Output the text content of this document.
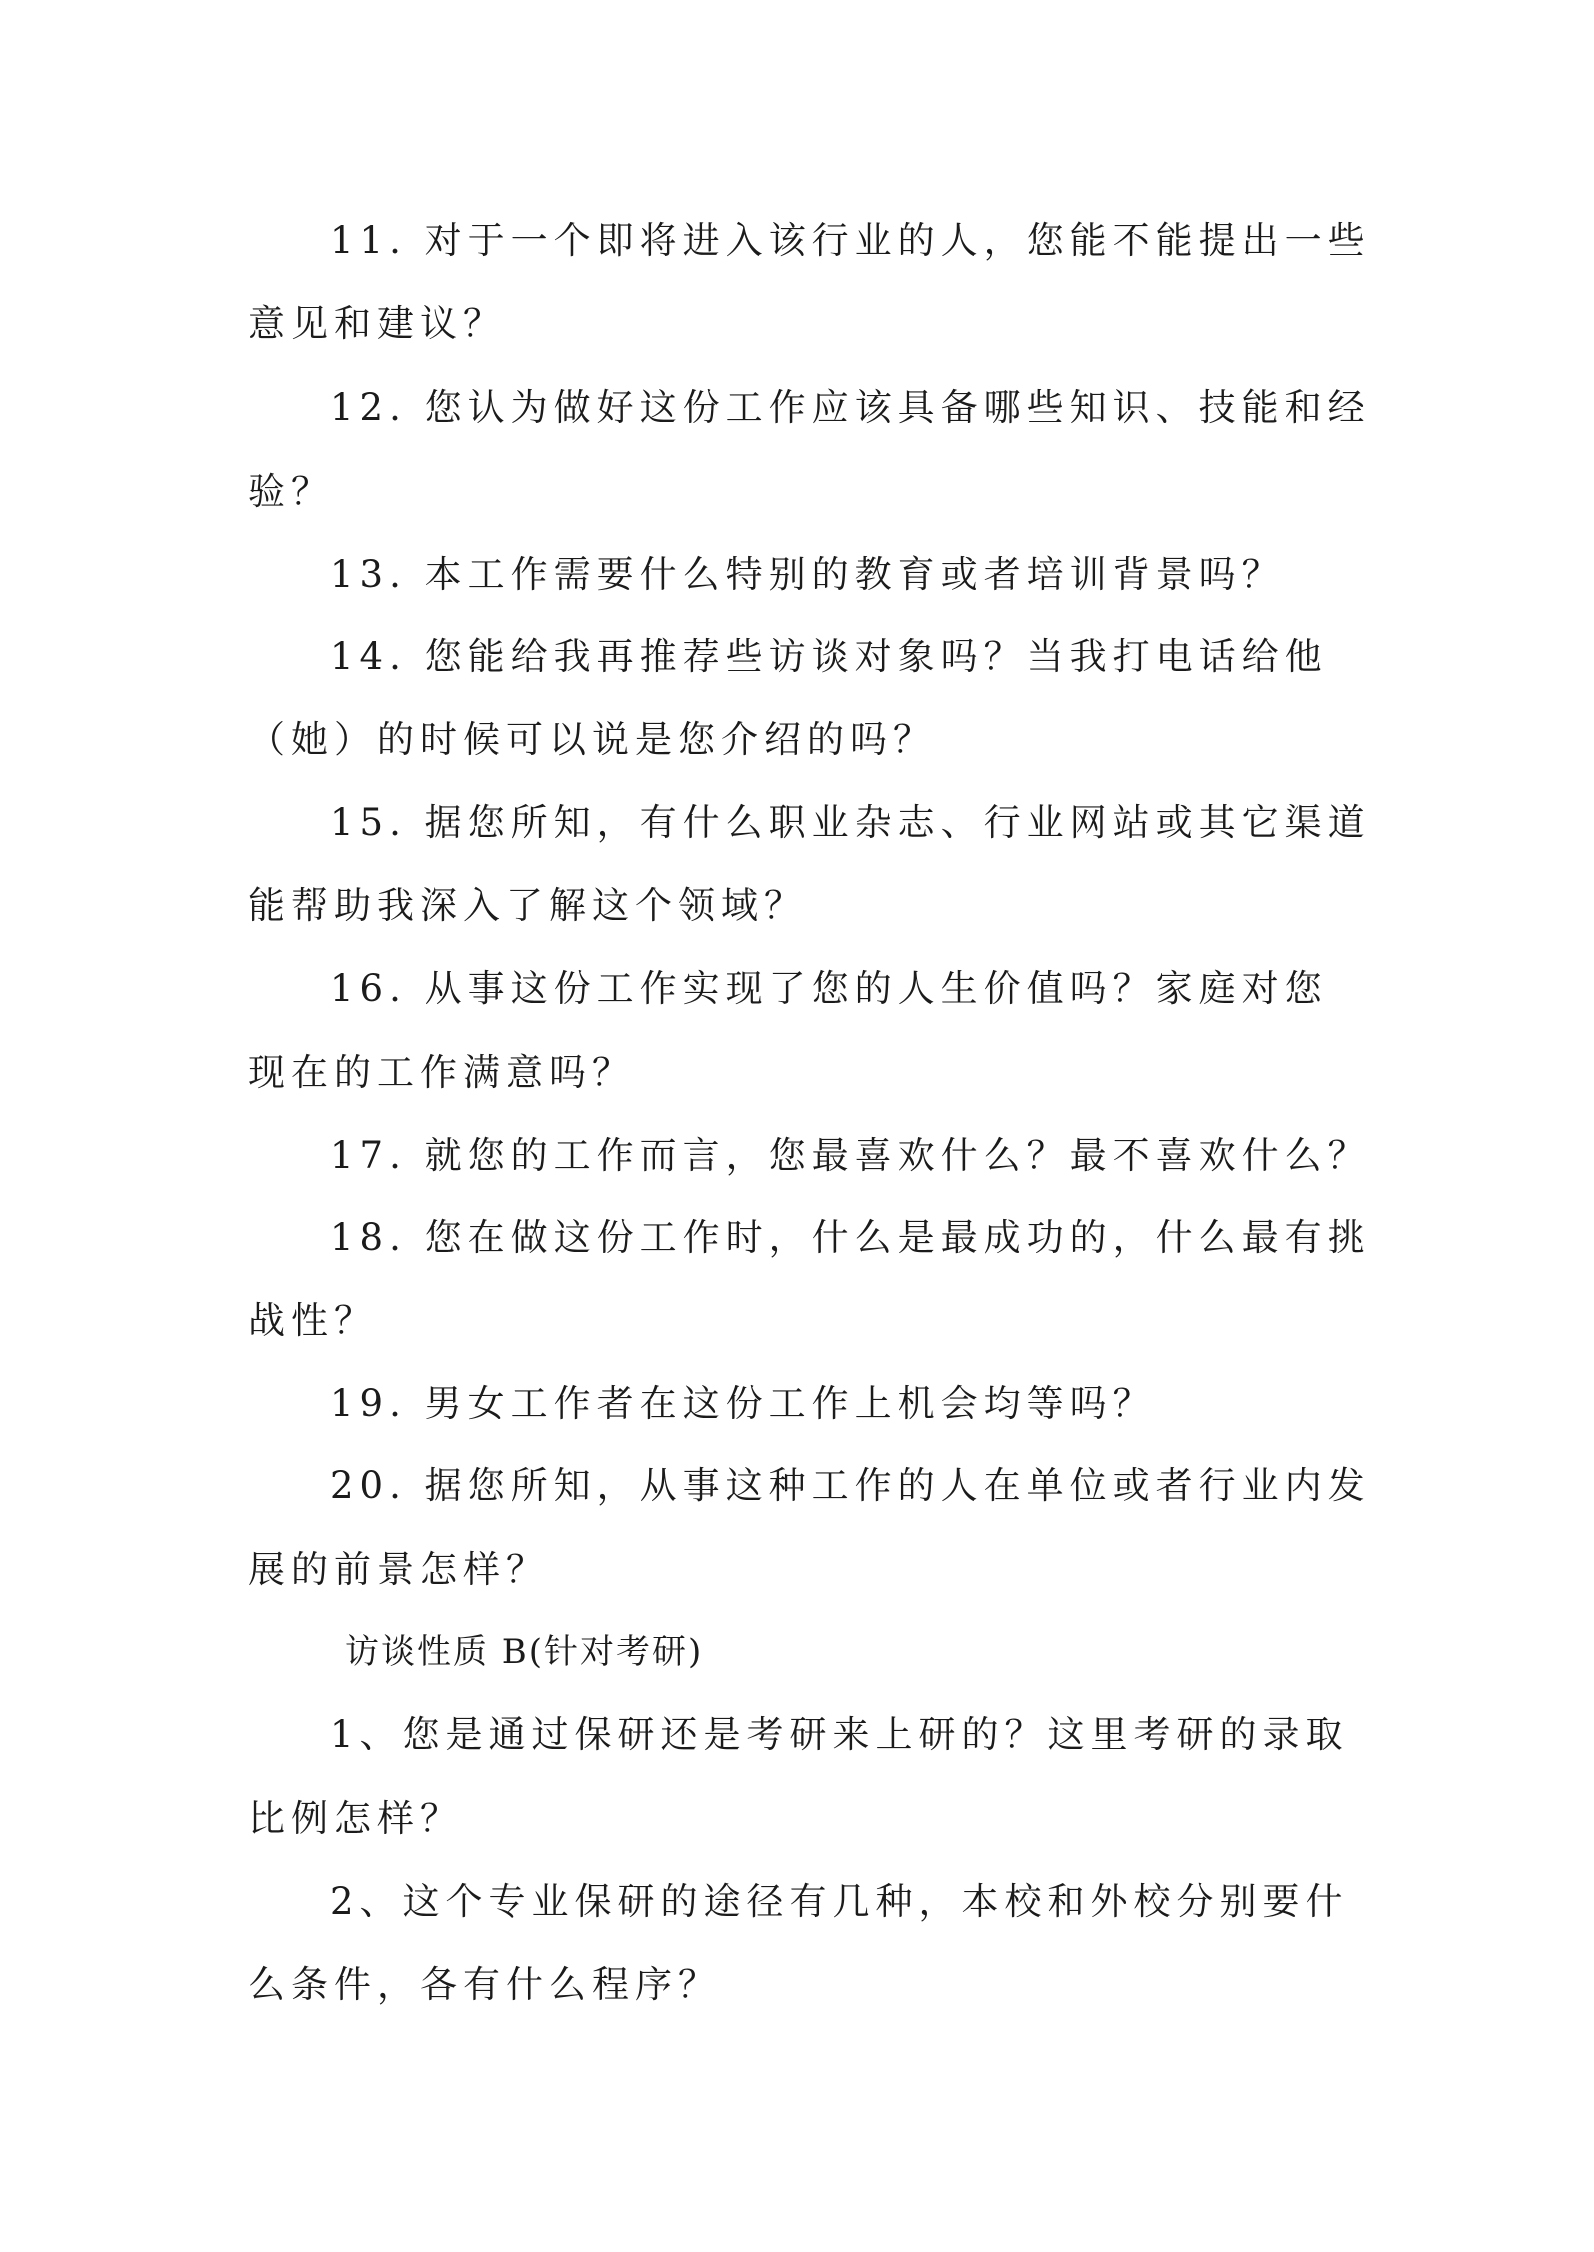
11. 对于一个即将进入该行业的人，您能不能提出一些
意见和建议？
12. 您认为做好这份工作应该具备哪些知识、技能和经
验？
13. 本工作需要什么特别的教育或者培训背景吗？
14. 您能给我再推荐些访谈对象吗？当我打电话给他
（她）的时候可以说是您介绍的吗？
15. 据您所知，有什么职业杂志、行业网站或其它渠道
能帮助我深入了解这个领域？
16. 从事这份工作实现了您的人生价值吗？家庭对您
现在的工作满意吗？
17. 就您的工作而言，您最喜欢什么？最不喜欢什么？
18. 您在做这份工作时，什么是最成功的，什么最有挑
战性？
19. 男女工作者在这份工作上机会均等吗？
20. 据您所知，从事这种工作的人在单位或者行业内发
展的前景怎样？
访谈性质 B(针对考研)
1、您是通过保研还是考研来上研的？这里考研的录取
比例怎样？
2、这个专业保研的途径有几种，本校和外校分别要什
么条件，各有什么程序？
